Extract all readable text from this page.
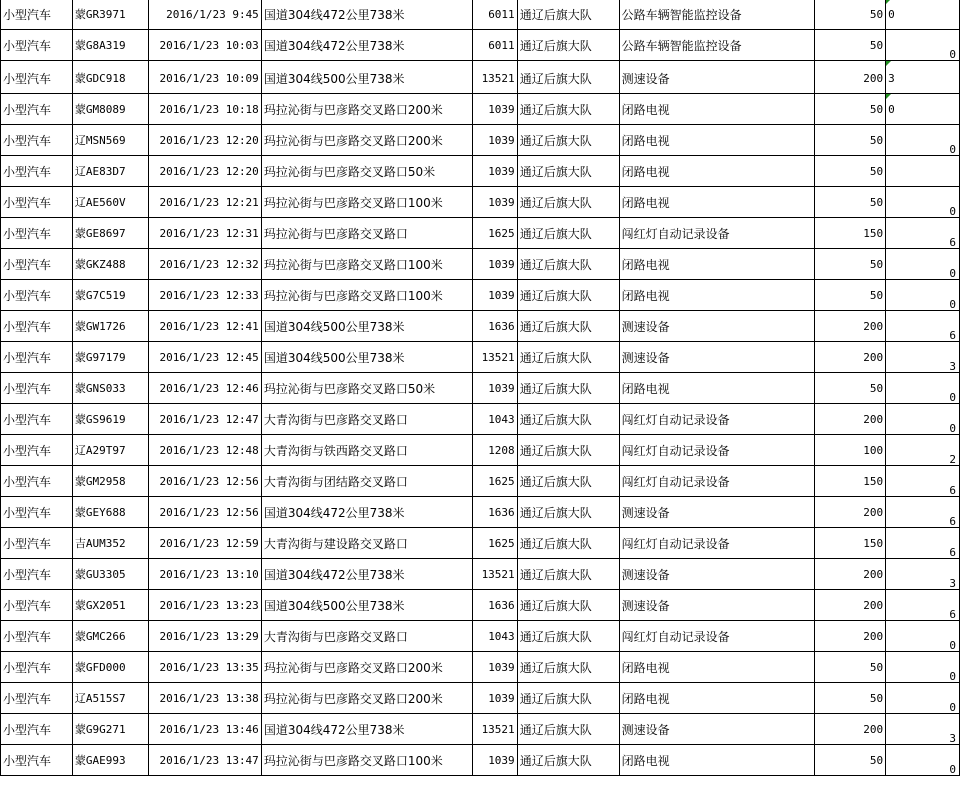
小型汽车	蒙GR3971	2016/1/23 9:45	国道304线472公里738米	6011	通辽后旗大队	公路车辆智能监控设备	50	0

小型汽车	蒙G8A319	2016/1/23 10:03	国道304线472公里738米	6011	通辽后旗大队	公路车辆智能监控设备	50	0

小型汽车	蒙GDC918	2016/1/23 10:09	国道304线500公里738米	13521	通辽后旗大队	测速设备	200	3

小型汽车	蒙GM8089	2016/1/23 10:18	玛拉沁街与巴彦路交叉路口200米	1039	通辽后旗大队	闭路电视	50	0

小型汽车	辽MSN569	2016/1/23 12:20	玛拉沁街与巴彦路交叉路口200米	1039	通辽后旗大队	闭路电视	50	0

小型汽车	辽AE83D7	2016/1/23 12:20	玛拉沁街与巴彦路交叉路口50米	1039	通辽后旗大队	闭路电视	50	

小型汽车	辽AE560V	2016/1/23 12:21	玛拉沁街与巴彦路交叉路口100米	1039	通辽后旗大队	闭路电视	50	0

小型汽车	蒙GE8697	2016/1/23 12:31	玛拉沁街与巴彦路交叉路口	1625	通辽后旗大队	闯红灯自动记录设备	150	6

小型汽车	蒙GKZ488	2016/1/23 12:32	玛拉沁街与巴彦路交叉路口100米	1039	通辽后旗大队	闭路电视	50	0

小型汽车	蒙G7C519	2016/1/23 12:33	玛拉沁街与巴彦路交叉路口100米	1039	通辽后旗大队	闭路电视	50	0

小型汽车	蒙GW1726	2016/1/23 12:41	国道304线500公里738米	1636	通辽后旗大队	测速设备	200	6

小型汽车	蒙G97179	2016/1/23 12:45	国道304线500公里738米	13521	通辽后旗大队	测速设备	200	3

小型汽车	蒙GNS033	2016/1/23 12:46	玛拉沁街与巴彦路交叉路口50米	1039	通辽后旗大队	闭路电视	50	0

小型汽车	蒙GS9619	2016/1/23 12:47	大青沟街与巴彦路交叉路口	1043	通辽后旗大队	闯红灯自动记录设备	200	0

小型汽车	辽A29T97	2016/1/23 12:48	大青沟街与铁西路交叉路口	1208	通辽后旗大队	闯红灯自动记录设备	100	2

小型汽车	蒙GM2958	2016/1/23 12:56	大青沟街与团结路交叉路口	1625	通辽后旗大队	闯红灯自动记录设备	150	6

小型汽车	蒙GEY688	2016/1/23 12:56	国道304线472公里738米	1636	通辽后旗大队	测速设备	200	6

小型汽车	吉AUM352	2016/1/23 12:59	大青沟街与建设路交叉路口	1625	通辽后旗大队	闯红灯自动记录设备	150	6

小型汽车	蒙GU3305	2016/1/23 13:10	国道304线472公里738米	13521	通辽后旗大队	测速设备	200	3

小型汽车	蒙GX2051	2016/1/23 13:23	国道304线500公里738米	1636	通辽后旗大队	测速设备	200	6

小型汽车	蒙GMC266	2016/1/23 13:29	大青沟街与巴彦路交叉路口	1043	通辽后旗大队	闯红灯自动记录设备	200	0

小型汽车	蒙GFD000	2016/1/23 13:35	玛拉沁街与巴彦路交叉路口200米	1039	通辽后旗大队	闭路电视	50	0

小型汽车	辽A515S7	2016/1/23 13:38	玛拉沁街与巴彦路交叉路口200米	1039	通辽后旗大队	闭路电视	50	0

小型汽车	蒙G9G271	2016/1/23 13:46	国道304线472公里738米	13521	通辽后旗大队	测速设备	200	3

小型汽车	蒙GAE993	2016/1/23 13:47	玛拉沁街与巴彦路交叉路口100米	1039	通辽后旗大队	闭路电视	50	0
